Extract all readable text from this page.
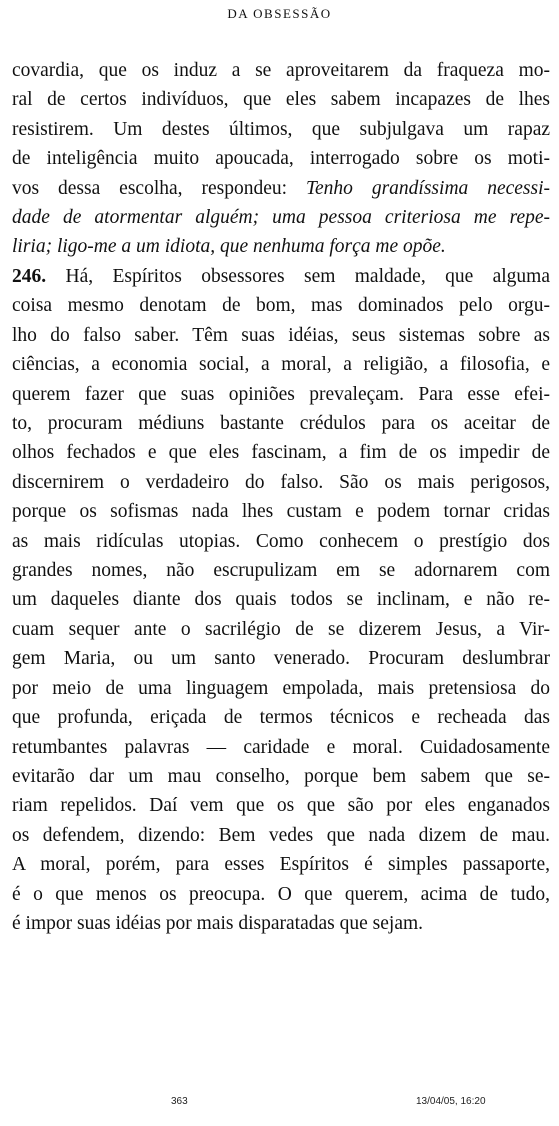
DA OBSESSÃO
covardia, que os induz a se aproveitarem da fraqueza mo-
ral de certos indivíduos, que eles sabem incapazes de lhes
resistirem. Um destes últimos, que subjulgava um rapaz
de inteligência muito apoucada, interrogado sobre os moti-
vos dessa escolha, respondeu: Tenho grandíssima necessi-
dade de atormentar alguém; uma pessoa criteriosa me repe-
liria; ligo-me a um idiota, que nenhuma força me opõe.
246. Há, Espíritos obsessores sem maldade, que alguma
coisa mesmo denotam de bom, mas dominados pelo orgu-
lho do falso saber. Têm suas idéias, seus sistemas sobre as
ciências, a economia social, a moral, a religião, a filosofia, e
querem fazer que suas opiniões prevaleçam. Para esse efei-
to, procuram médiuns bastante crédulos para os aceitar de
olhos fechados e que eles fascinam, a fim de os impedir de
discernirem o verdadeiro do falso. São os mais perigosos,
porque os sofismas nada lhes custam e podem tornar cridas
as mais ridículas utopias. Como conhecem o prestígio dos
grandes nomes, não escrupulizam em se adornarem com
um daqueles diante dos quais todos se inclinam, e não re-
cuam sequer ante o sacrilégio de se dizerem Jesus, a Vir-
gem Maria, ou um santo venerado. Procuram deslumbrar
por meio de uma linguagem empolada, mais pretensiosa do
que profunda, eriçada de termos técnicos e recheada das
retumbantes palavras — caridade e moral. Cuidadosamente
evitarão dar um mau conselho, porque bem sabem que se-
riam repelidos. Daí vem que os que são por eles enganados
os defendem, dizendo: Bem vedes que nada dizem de mau.
A moral, porém, para esses Espíritos é simples passaporte,
é o que menos os preocupa. O que querem, acima de tudo,
é impor suas idéias por mais disparatadas que sejam.
363	13/04/05, 16:20
